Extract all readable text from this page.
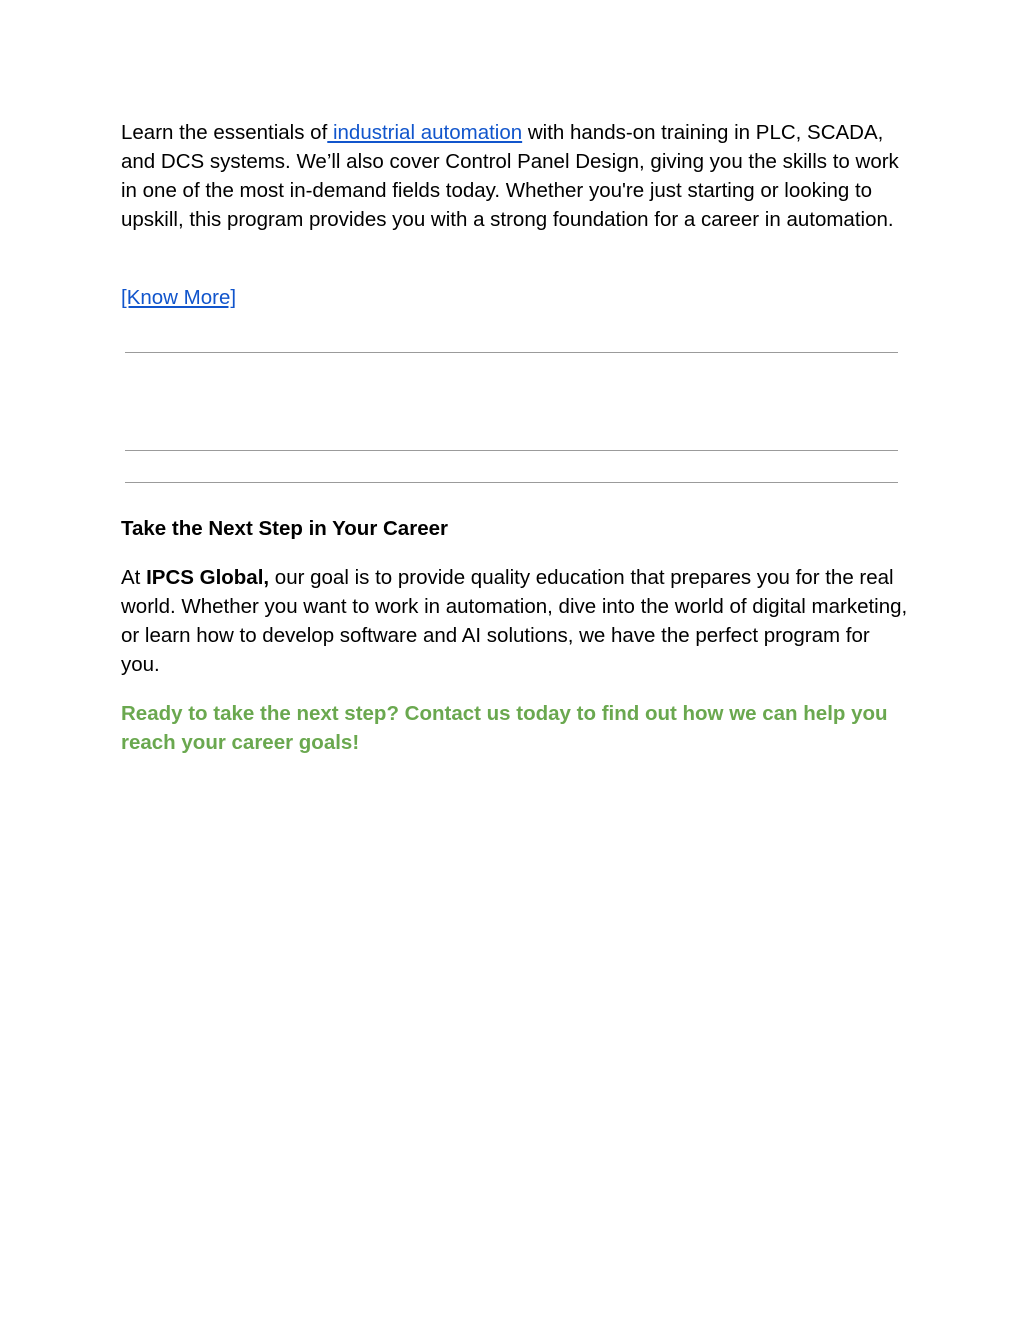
Learn the essentials of industrial automation with hands-on training in PLC, SCADA, and DCS systems. We’ll also cover Control Panel Design, giving you the skills to work in one of the most in-demand fields today. Whether you're just starting or looking to upskill, this program provides you with a strong foundation for a career in automation.

[Know More]

Take the Next Step in Your Career

At IPCS Global, our goal is to provide quality education that prepares you for the real world. Whether you want to work in automation, dive into the world of digital marketing, or learn how to develop software and AI solutions, we have the perfect program for you.

Ready to take the next step? Contact us today to find out how we can help you reach your career goals!
